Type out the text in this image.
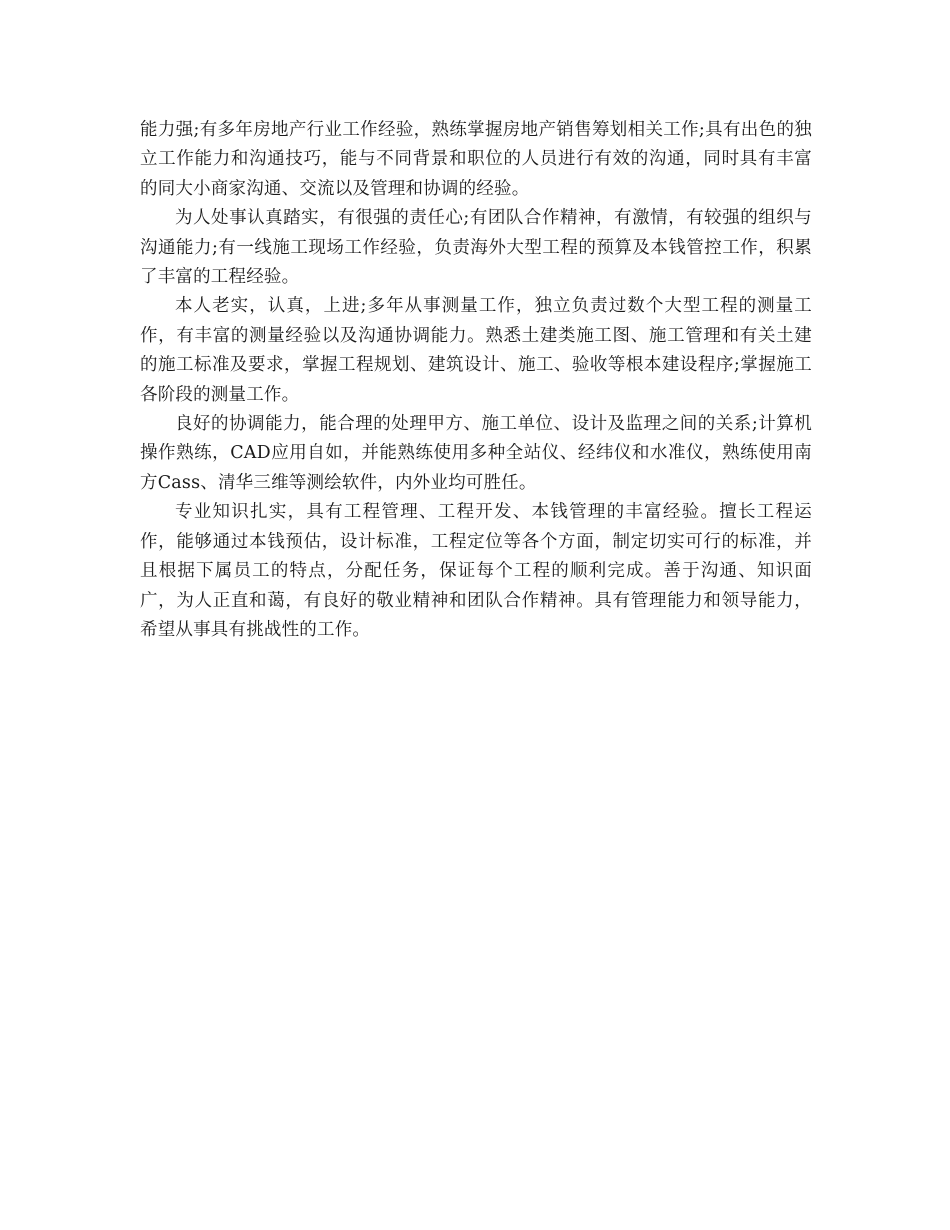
能力强;有多年房地产行业工作经验，熟练掌握房地产销售筹划相关工作;具有出色的独立工作能力和沟通技巧，能与不同背景和职位的人员进行有效的沟通，同时具有丰富的同大小商家沟通、交流以及管理和协调的经验。

为人处事认真踏实，有很强的责任心;有团队合作精神，有激情，有较强的组织与沟通能力;有一线施工现场工作经验，负责海外大型工程的预算及本钱管控工作，积累了丰富的工程经验。

本人老实，认真，上进;多年从事测量工作，独立负责过数个大型工程的测量工作，有丰富的测量经验以及沟通协调能力。熟悉土建类施工图、施工管理和有关土建的施工标准及要求，掌握工程规划、建筑设计、施工、验收等根本建设程序;掌握施工各阶段的测量工作。

良好的协调能力，能合理的处理甲方、施工单位、设计及监理之间的关系;计算机操作熟练，CAD应用自如，并能熟练使用多种全站仪、经纬仪和水准仪，熟练使用南方Cass、清华三维等测绘软件，内外业均可胜任。

专业知识扎实，具有工程管理、工程开发、本钱管理的丰富经验。擅长工程运作，能够通过本钱预估，设计标准，工程定位等各个方面，制定切实可行的标准，并且根据下属员工的特点，分配任务，保证每个工程的顺利完成。善于沟通、知识面广，为人正直和蔼，有良好的敬业精神和团队合作精神。具有管理能力和领导能力，希望从事具有挑战性的工作。
